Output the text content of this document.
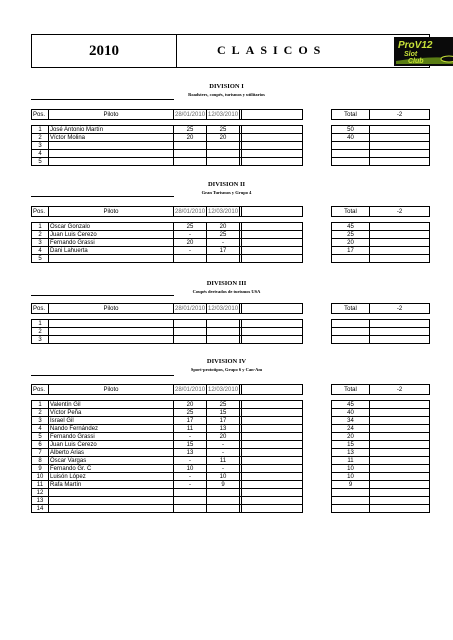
2010	CLASICOS	ProV12
Slot
Club
DIVISION I
Roadsters, coupés, turismos y utilitarios
Pos.	Piloto	28/01/2010	12/03/2010				Total	-2

1	José Antonio Martín	25	25				50	
2	Víctor Molina	20	20				40	
3								
4								
5								
DIVISION II
Gran Turismos y Grupo 4
Pos.	Piloto	28/01/2010	12/03/2010				Total	-2

1	Oscar Gonzalo	25	20				45	
2	Juan Luis Cerezo	-	25				25	
3	Fernando Grassi	20	-				20	
4	Dani Lahuerta	-	17				17	
5								
DIVISION III
Coupés derivados de turismos USA
Pos.	Piloto	28/01/2010	12/03/2010				Total	-2

1								
2								
3								
DIVISION IV
Sport-prototipos, Grupo 6 y Can-Am
Pos.	Piloto	28/01/2010	12/03/2010				Total	-2

1	Valentín Gil	20	25				45	
2	Víctor Peña	25	15				40	
3	Israel Gil	17	17				34	
4	Nando Fernández	11	13				24	
5	Fernando Grassi	-	20				20	
6	Juan Luis Cerezo	15	-				15	
7	Alberto Arias	13	-				13	
8	Oscar Vargas	-	11				11	
9	Fernando Gr. C	10	-				10	
10	Luisón López	-	10				10	
11	Rafa Martín	-	9				9	
12								
13								
14								
